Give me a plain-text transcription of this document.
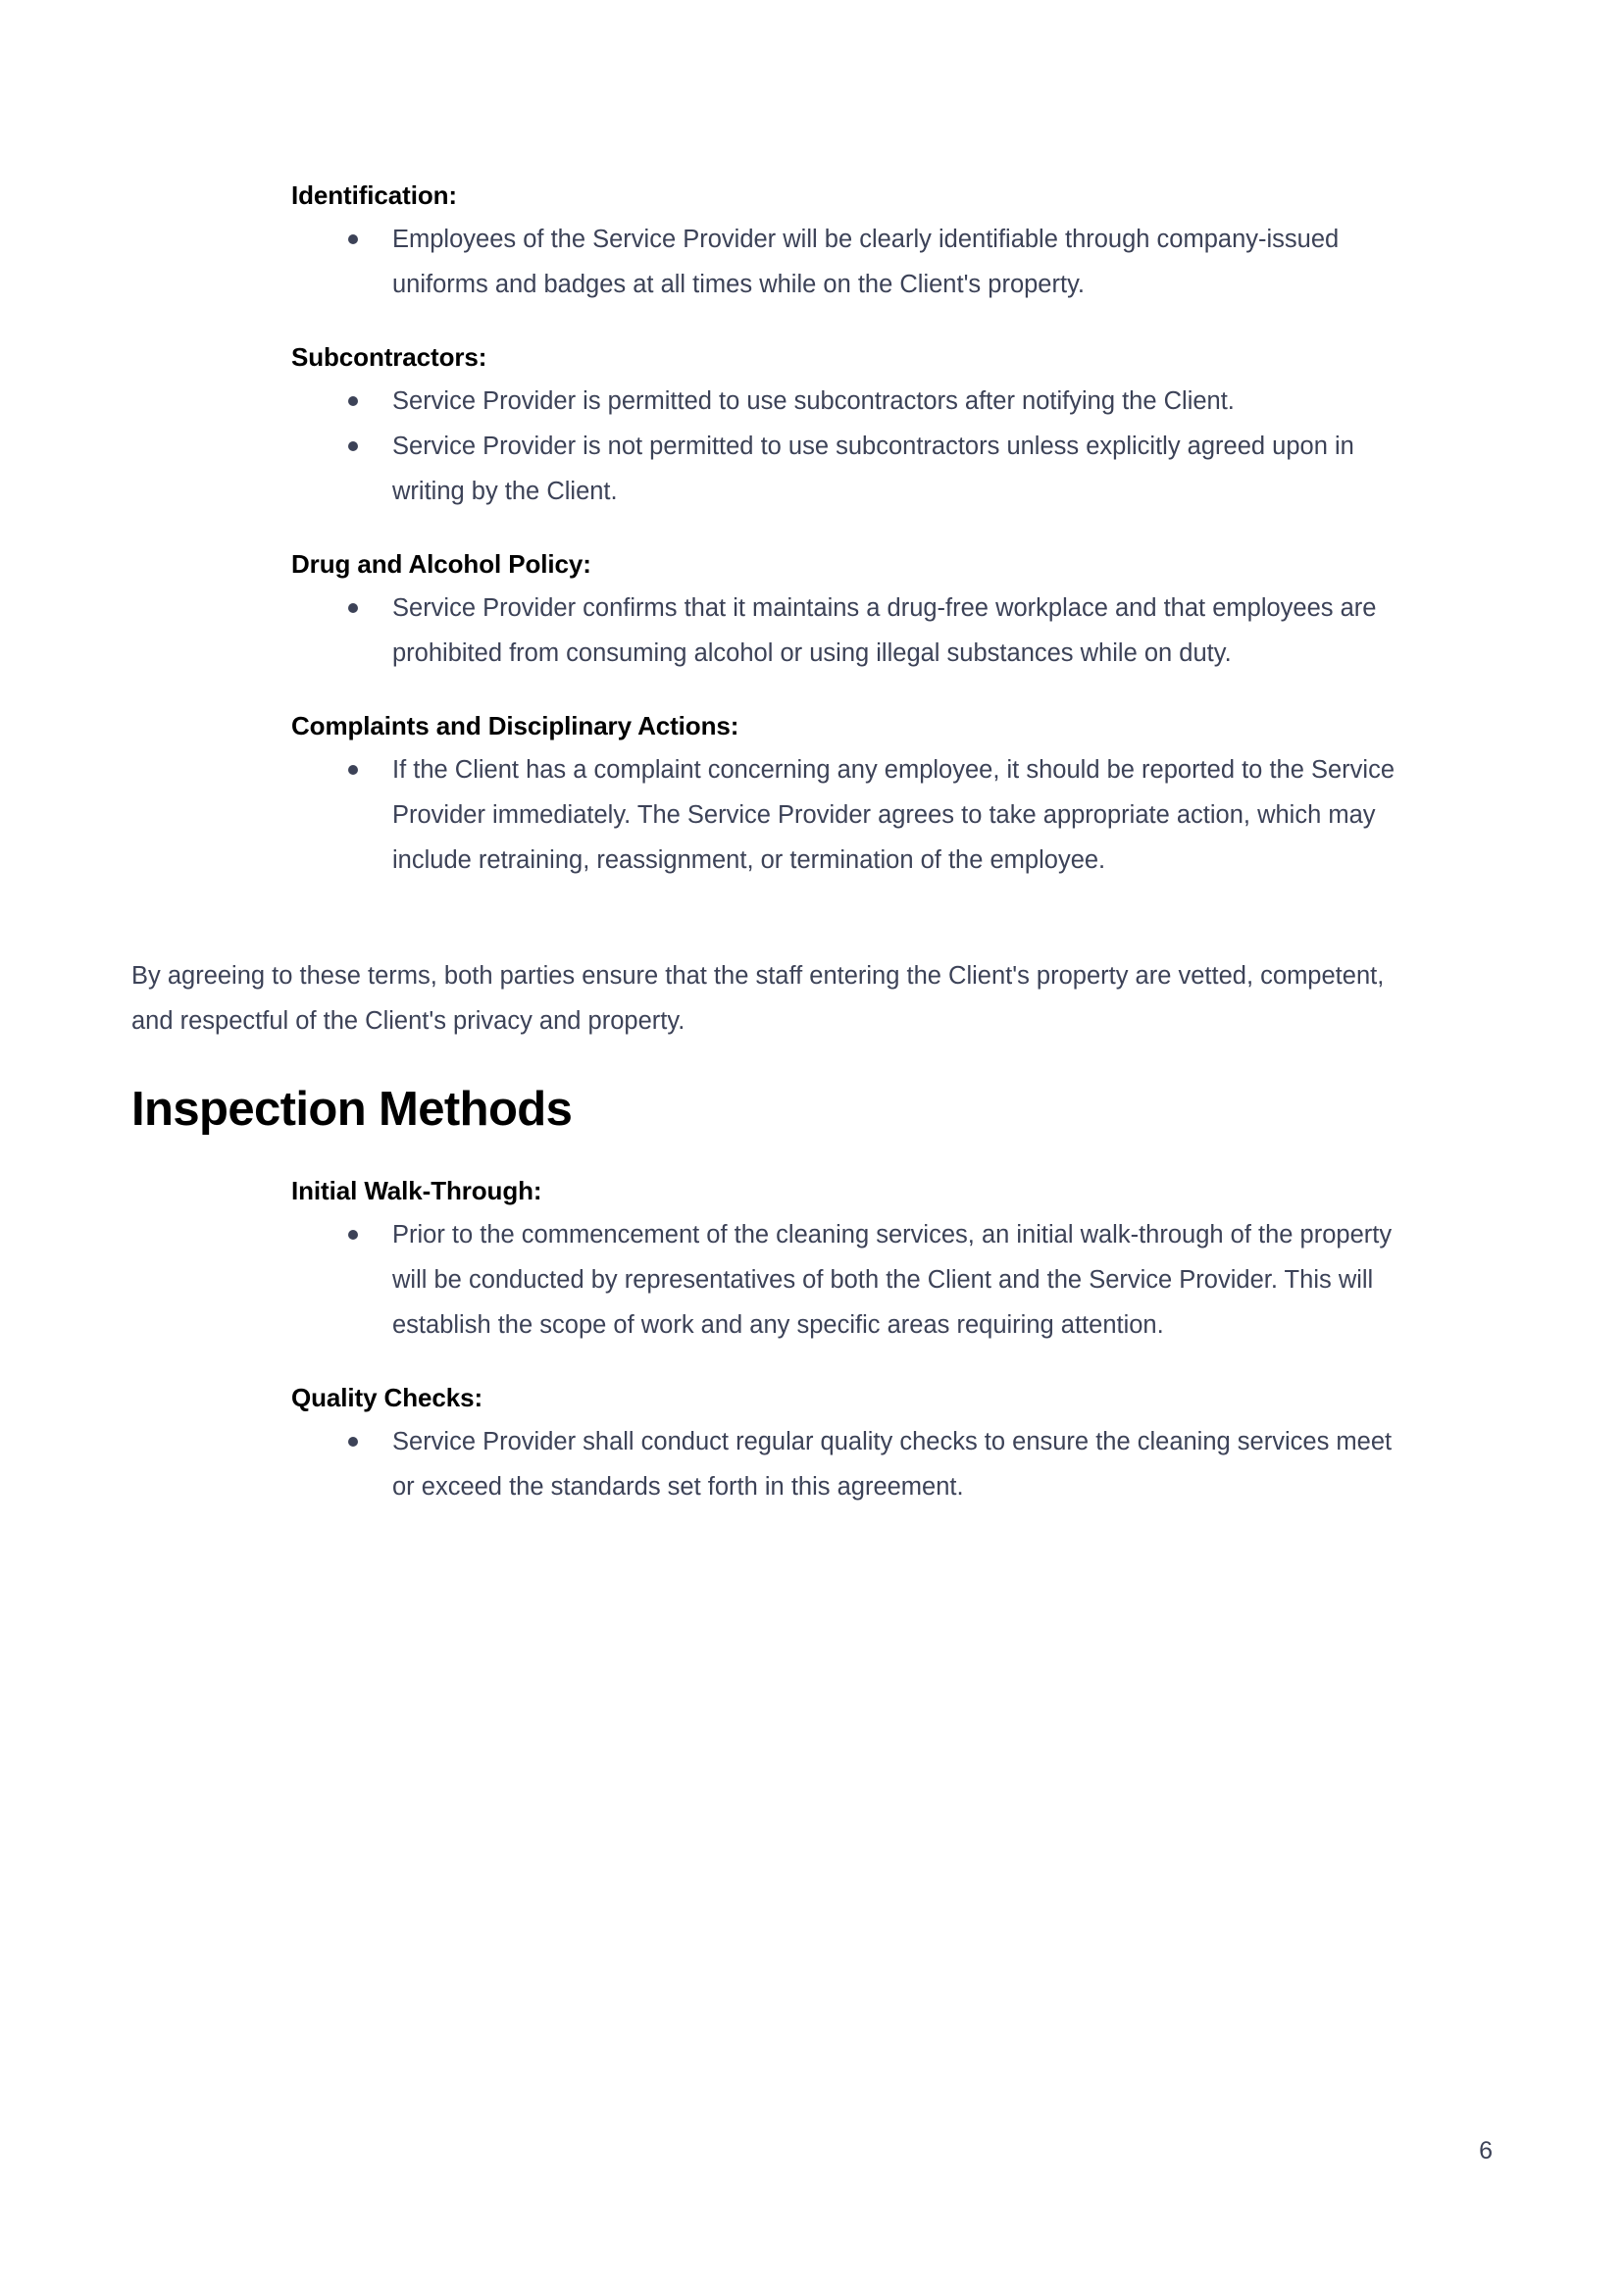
Identification:
Employees of the Service Provider will be clearly identifiable through company-issued uniforms and badges at all times while on the Client's property.
Subcontractors:
Service Provider is permitted to use subcontractors after notifying the Client.
Service Provider is not permitted to use subcontractors unless explicitly agreed upon in writing by the Client.
Drug and Alcohol Policy:
Service Provider confirms that it maintains a drug-free workplace and that employees are prohibited from consuming alcohol or using illegal substances while on duty.
Complaints and Disciplinary Actions:
If the Client has a complaint concerning any employee, it should be reported to the Service Provider immediately. The Service Provider agrees to take appropriate action, which may include retraining, reassignment, or termination of the employee.

By agreeing to these terms, both parties ensure that the staff entering the Client's property are vetted, competent, and respectful of the Client's privacy and property.

Inspection Methods
Initial Walk-Through:
Prior to the commencement of the cleaning services, an initial walk-through of the property will be conducted by representatives of both the Client and the Service Provider. This will establish the scope of work and any specific areas requiring attention.
Quality Checks:
Service Provider shall conduct regular quality checks to ensure the cleaning services meet or exceed the standards set forth in this agreement.
6
